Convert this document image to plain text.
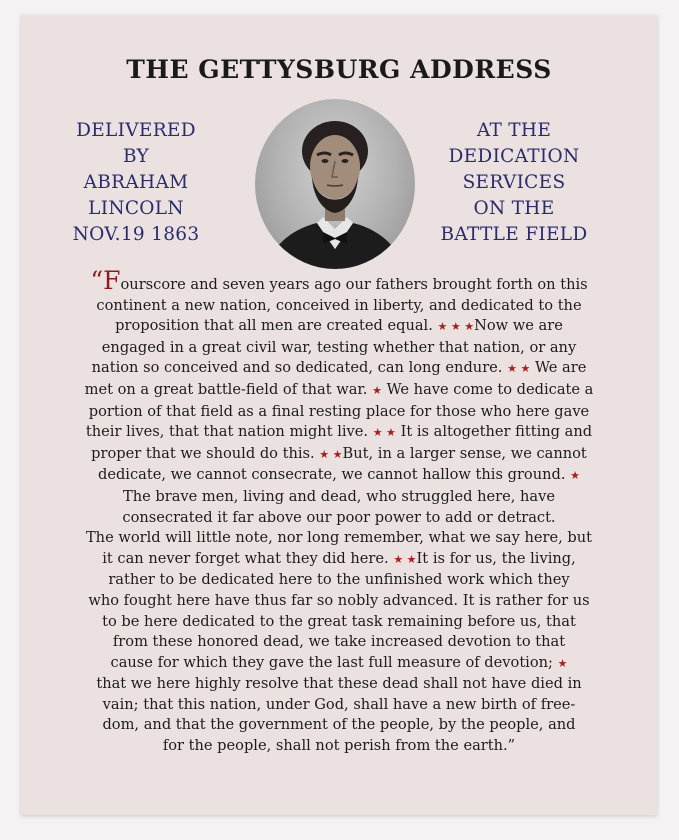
THE GETTYSBURG ADDRESS
DELIVERED
BY
ABRAHAM
LINCOLN
NOV.19 1863
AT THE
DEDICATION
SERVICES
ON THE
BATTLE FIELD
“Fourscore and seven years ago our fathers brought forth on this
continent a new nation, conceived in liberty, and dedicated to the
proposition that all men are created equal. ★ ★ ★Now we are
engaged in a great civil war, testing whether that nation, or any
nation so conceived and so dedicated, can long endure. ★ ★ We are
met on a great battle-field of that war. ★ We have come to dedicate a
portion of that field as a final resting place for those who here gave
their lives, that that nation might live. ★ ★ It is altogether fitting and
proper that we should do this. ★ ★But, in a larger sense, we cannot
dedicate, we cannot consecrate, we cannot hallow this ground. ★
The brave men, living and dead, who struggled here, have
consecrated it far above our poor power to add or detract.
The world will little note, nor long remember, what we say here, but
it can never forget what they did here. ★ ★It is for us, the living,
rather to be dedicated here to the unfinished work which they
who fought here have thus far so nobly advanced. It is rather for us
to be here dedicated to the great task remaining before us, that
from these honored dead, we take increased devotion to that
cause for which they gave the last full measure of devotion; ★
that we here highly resolve that these dead shall not have died in
vain; that this nation, under God, shall have a new birth of free-
dom, and that the government of the people, by the people, and
for the people, shall not perish from the earth.”
